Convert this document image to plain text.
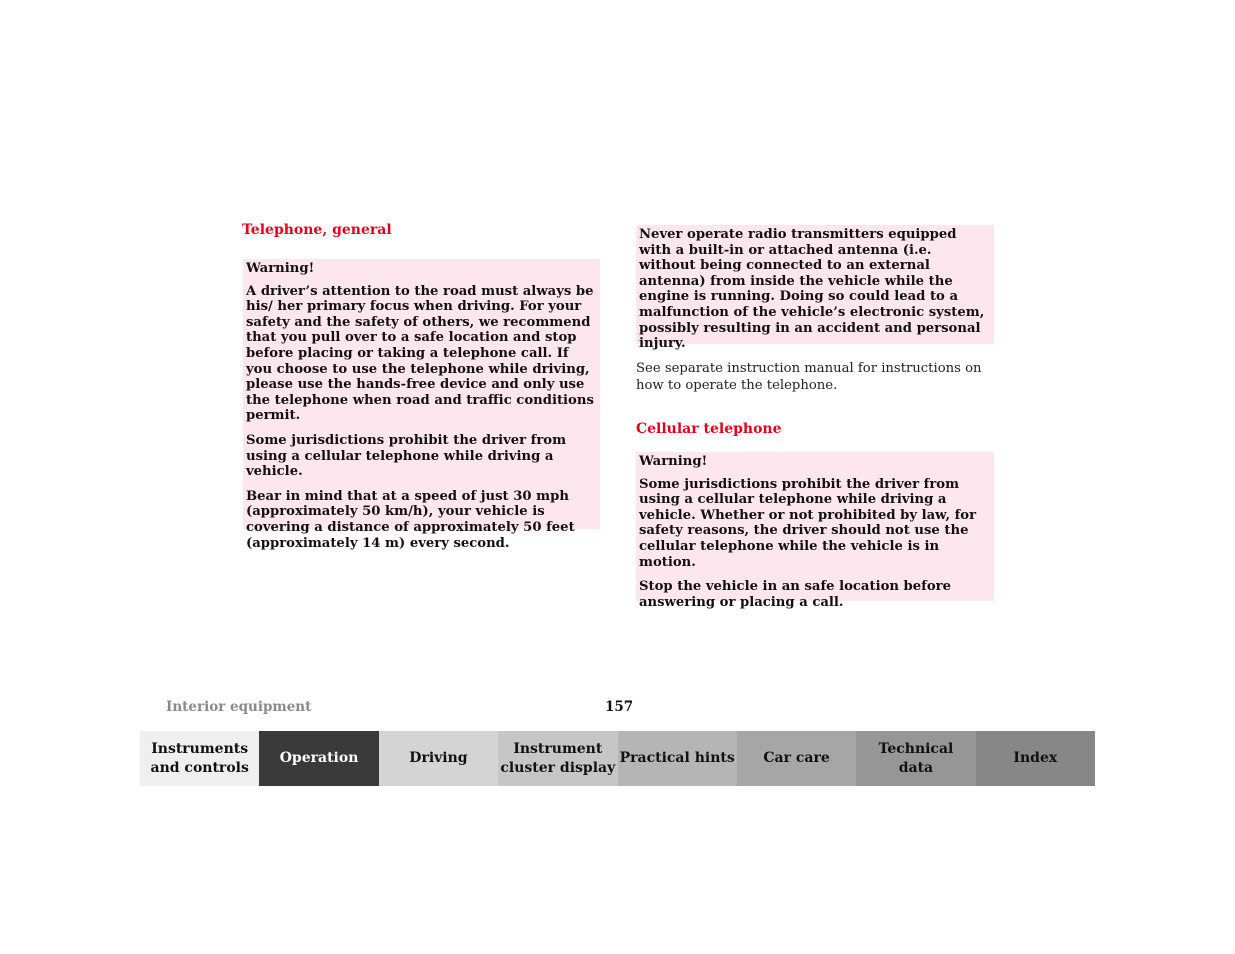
Telephone, general

Warning!

A driver’s attention to the road must always be his/ her primary focus when driving. For your safety and the safety of others, we recommend that you pull over to a safe location and stop before placing or taking a telephone call. If you choose to use the telephone while driving, please use the hands-free device and only use the telephone when road and traffic conditions permit.

Some jurisdictions prohibit the driver from using a cellular telephone while driving a vehicle.

Bear in mind that at a speed of just 30 mph (approximately 50 km/h), your vehicle is covering a distance of approximately 50 feet (approximately 14 m) every second.

Never operate radio transmitters equipped with a built-in or attached antenna (i.e. without being connected to an external antenna) from inside the vehicle while the engine is running. Doing so could lead to a malfunction of the vehicle’s electronic system, possibly resulting in an accident and personal injury.

See separate instruction manual for instructions on how to operate the telephone.

Cellular telephone

Warning!

Some jurisdictions prohibit the driver from using a cellular telephone while driving a vehicle. Whether or not prohibited by law, for safety reasons, the driver should not use the cellular telephone while the vehicle is in motion.

Stop the vehicle in an safe location before answering or placing a call.

Interior equipment	157
Instruments
and controls
Operation	Driving
Instrument
cluster display
Practical hints	Car care
Technical
data
Index
